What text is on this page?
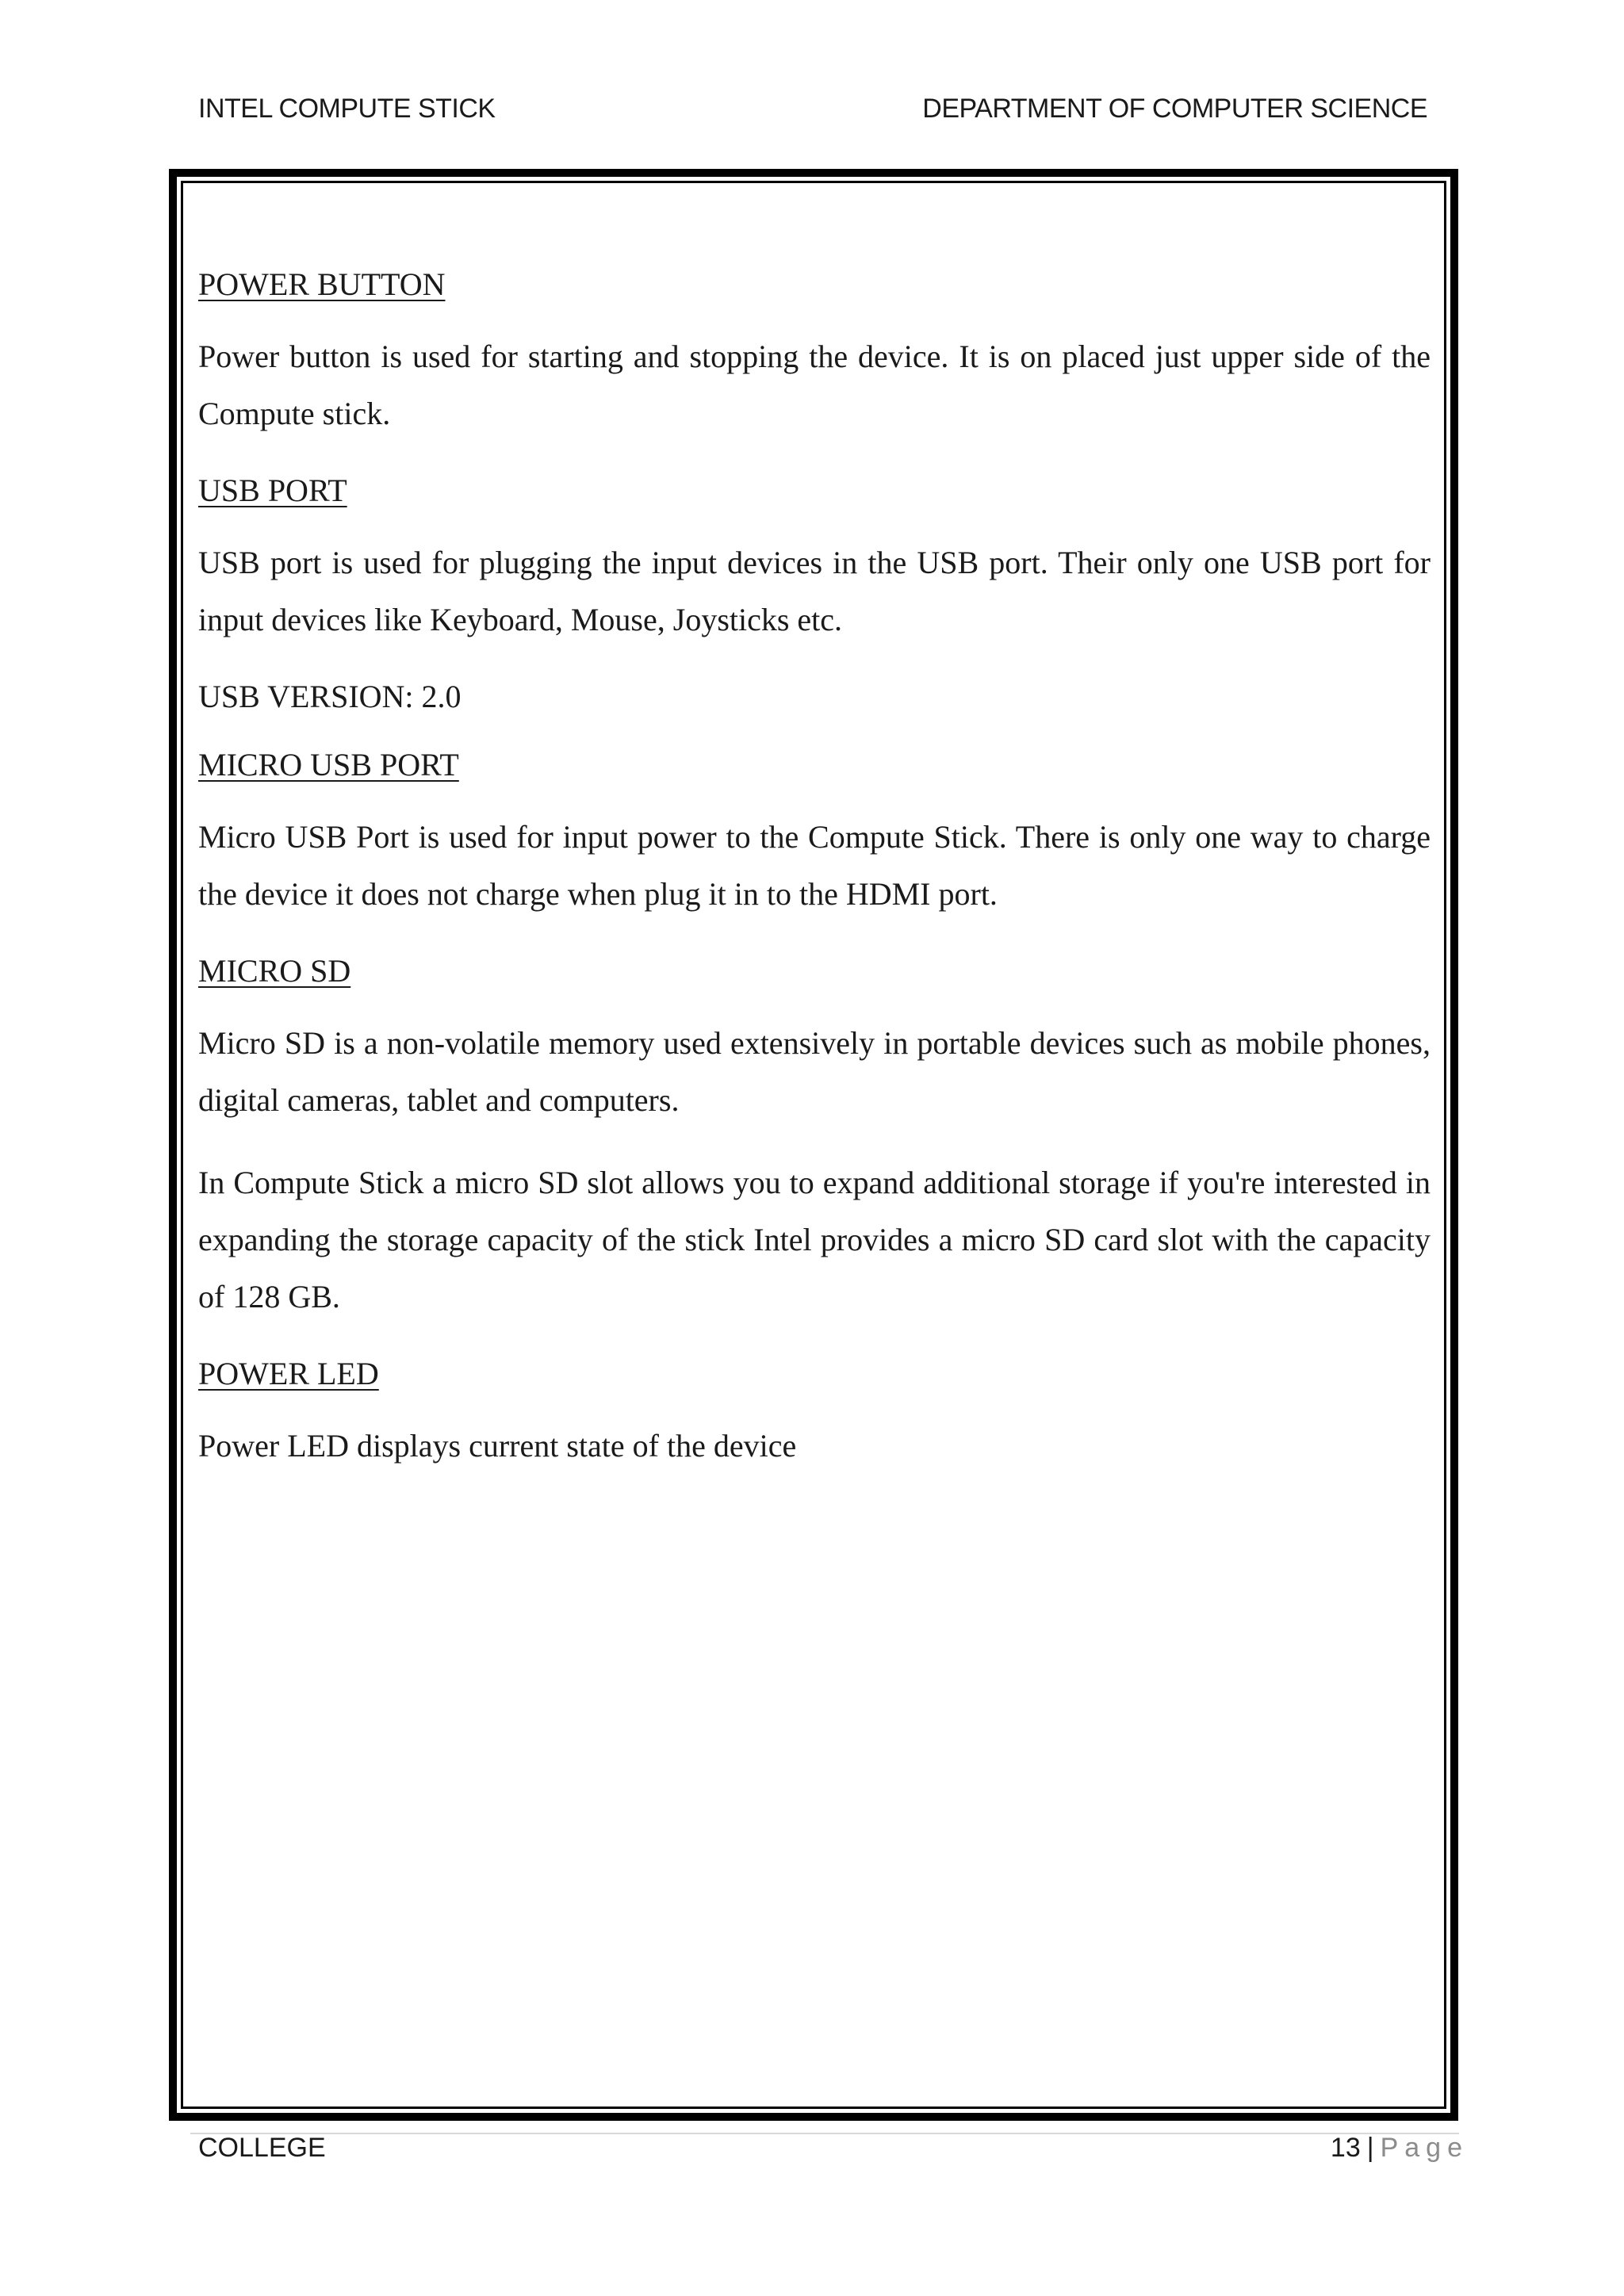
INTEL COMPUTE STICK	DEPARTMENT OF COMPUTER SCIENCE
POWER BUTTON
Power button is used for starting and stopping the device. It is on placed just upper side of the Compute stick.
USB PORT
USB port is used for plugging the input devices in the USB port. Their only one USB port for input devices like Keyboard, Mouse, Joysticks etc.
USB VERSION: 2.0
MICRO USB PORT
Micro USB Port is used for input power to the Compute Stick. There is only one way to charge the device it does not charge when plug it in to the HDMI port.
MICRO SD
Micro SD is a non-volatile memory used extensively in portable devices such as mobile phones, digital cameras, tablet and computers.
In Compute Stick a micro SD slot allows you to expand additional storage if you're interested in expanding the storage capacity of the stick Intel provides a micro SD card slot with the capacity of 128 GB.
POWER LED
Power LED displays current state of the device
COLLEGE	13 | Page
